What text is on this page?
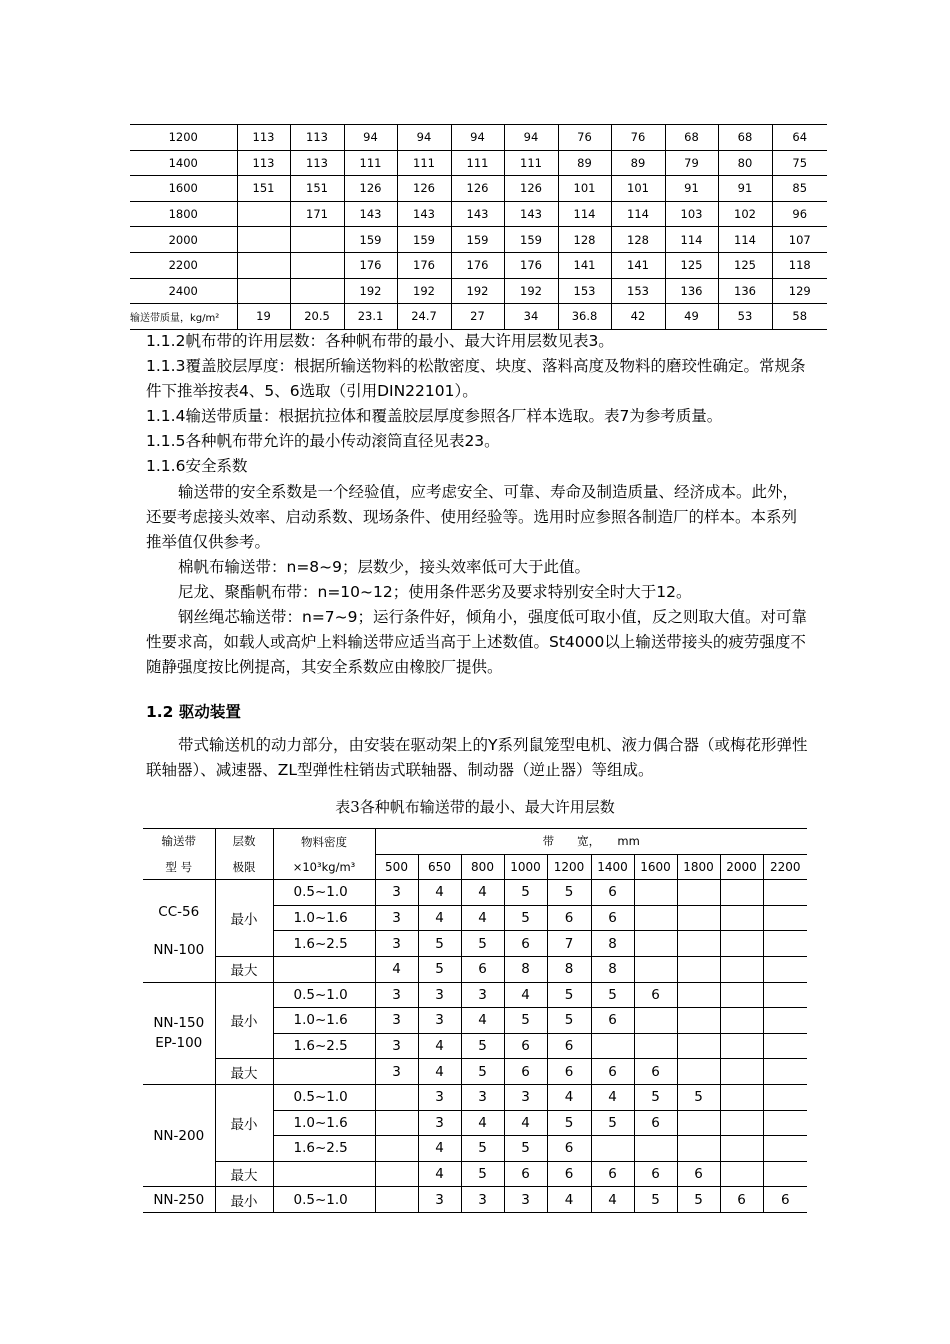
1200	113	113	94	94	94	94	76	76	68	68	64
1400	113	113	111	111	111	111	89	89	79	80	75
1600	151	151	126	126	126	126	101	101	91	91	85
1800		171	143	143	143	143	114	114	103	102	96
2000			159	159	159	159	128	128	114	114	107
2200			176	176	176	176	141	141	125	125	118
2400			192	192	192	192	153	153	136	136	129
输送带质量，kg/m²	19	20.5	23.1	24.7	27	34	36.8	42	49	53	58

1.1.2帆布带的许用层数：各种帆布带的最小、最大许用层数见表3。

1.1.3覆盖胶层厚度：根据所输送物料的松散密度、块度、落料高度及物料的磨珓性确定。常规条件下推举按表4、5、6选取（引用DIN22101）。

1.1.4输送带质量：根据抗拉体和覆盖胶层厚度参照各厂样本选取。表7为参考质量。

1.1.5各种帆布带允许的最小传动滚筒直径见表23。

1.1.6安全系数

输送带的安全系数是一个经验值，应考虑安全、可靠、寿命及制造质量、经济成本。此外，还要考虑接头效率、启动系数、现场条件、使用经验等。选用时应参照各制造厂的样本。本系列推举值仅供参考。

棉帆布输送带：n=8~9；层数少，接头效率低可大于此值。

尼龙、聚酯帆布带：n=10~12；使用条件恶劣及要求特别安全时大于12。

钢丝绳芯输送带：n=7~9；运行条件好，倾角小，强度低可取小值，反之则取大值。对可靠性要求高，如载人或高炉上料输送带应适当高于上述数值。St4000以上输送带接头的疲劳强度不随静强度按比例提高，其安全系数应由橡胶厂提供。

1.2 驱动装置

带式输送机的动力部分，由安装在驱动架上的Y系列鼠笼型电机、液力偶合器（或梅花形弹性联轴器）、减速器、ZL型弹性柱销齿式联轴器、制动器（逆止器）等组成。

表3各种帆布输送带的最小、最大许用层数
输送带
型 号	层数
极限	物料密度
×10³kg/m³	带　　宽，　　mm									
			500	650	800	1000	1200	1400	1600	1800	2000	2200

CC-56
NN-100	最小	0.5~1.0	3	4	4	5	5	6				
		1.0~1.6	3	4	4	5	6	6				
		1.6~2.5	3	5	5	6	7	8				
	最大		4	5	6	8	8	8				

NN-150
EP-100	最小	0.5~1.0	3	3	3	4	5	5	6			
		1.0~1.6	3	3	4	5	5	6				
		1.6~2.5	3	4	5	6	6					
	最大		3	4	5	6	6	6	6			

NN-200	最小	0.5~1.0		3	3	3	4	4	5	5		
		1.0~1.6		3	4	4	5	5	6			
		1.6~2.5		4	5	5	6					
	最大			4	5	6	6	6	6	6		

NN-250	最小	0.5~1.0		3	3	3	4	4	5	5	6	6
